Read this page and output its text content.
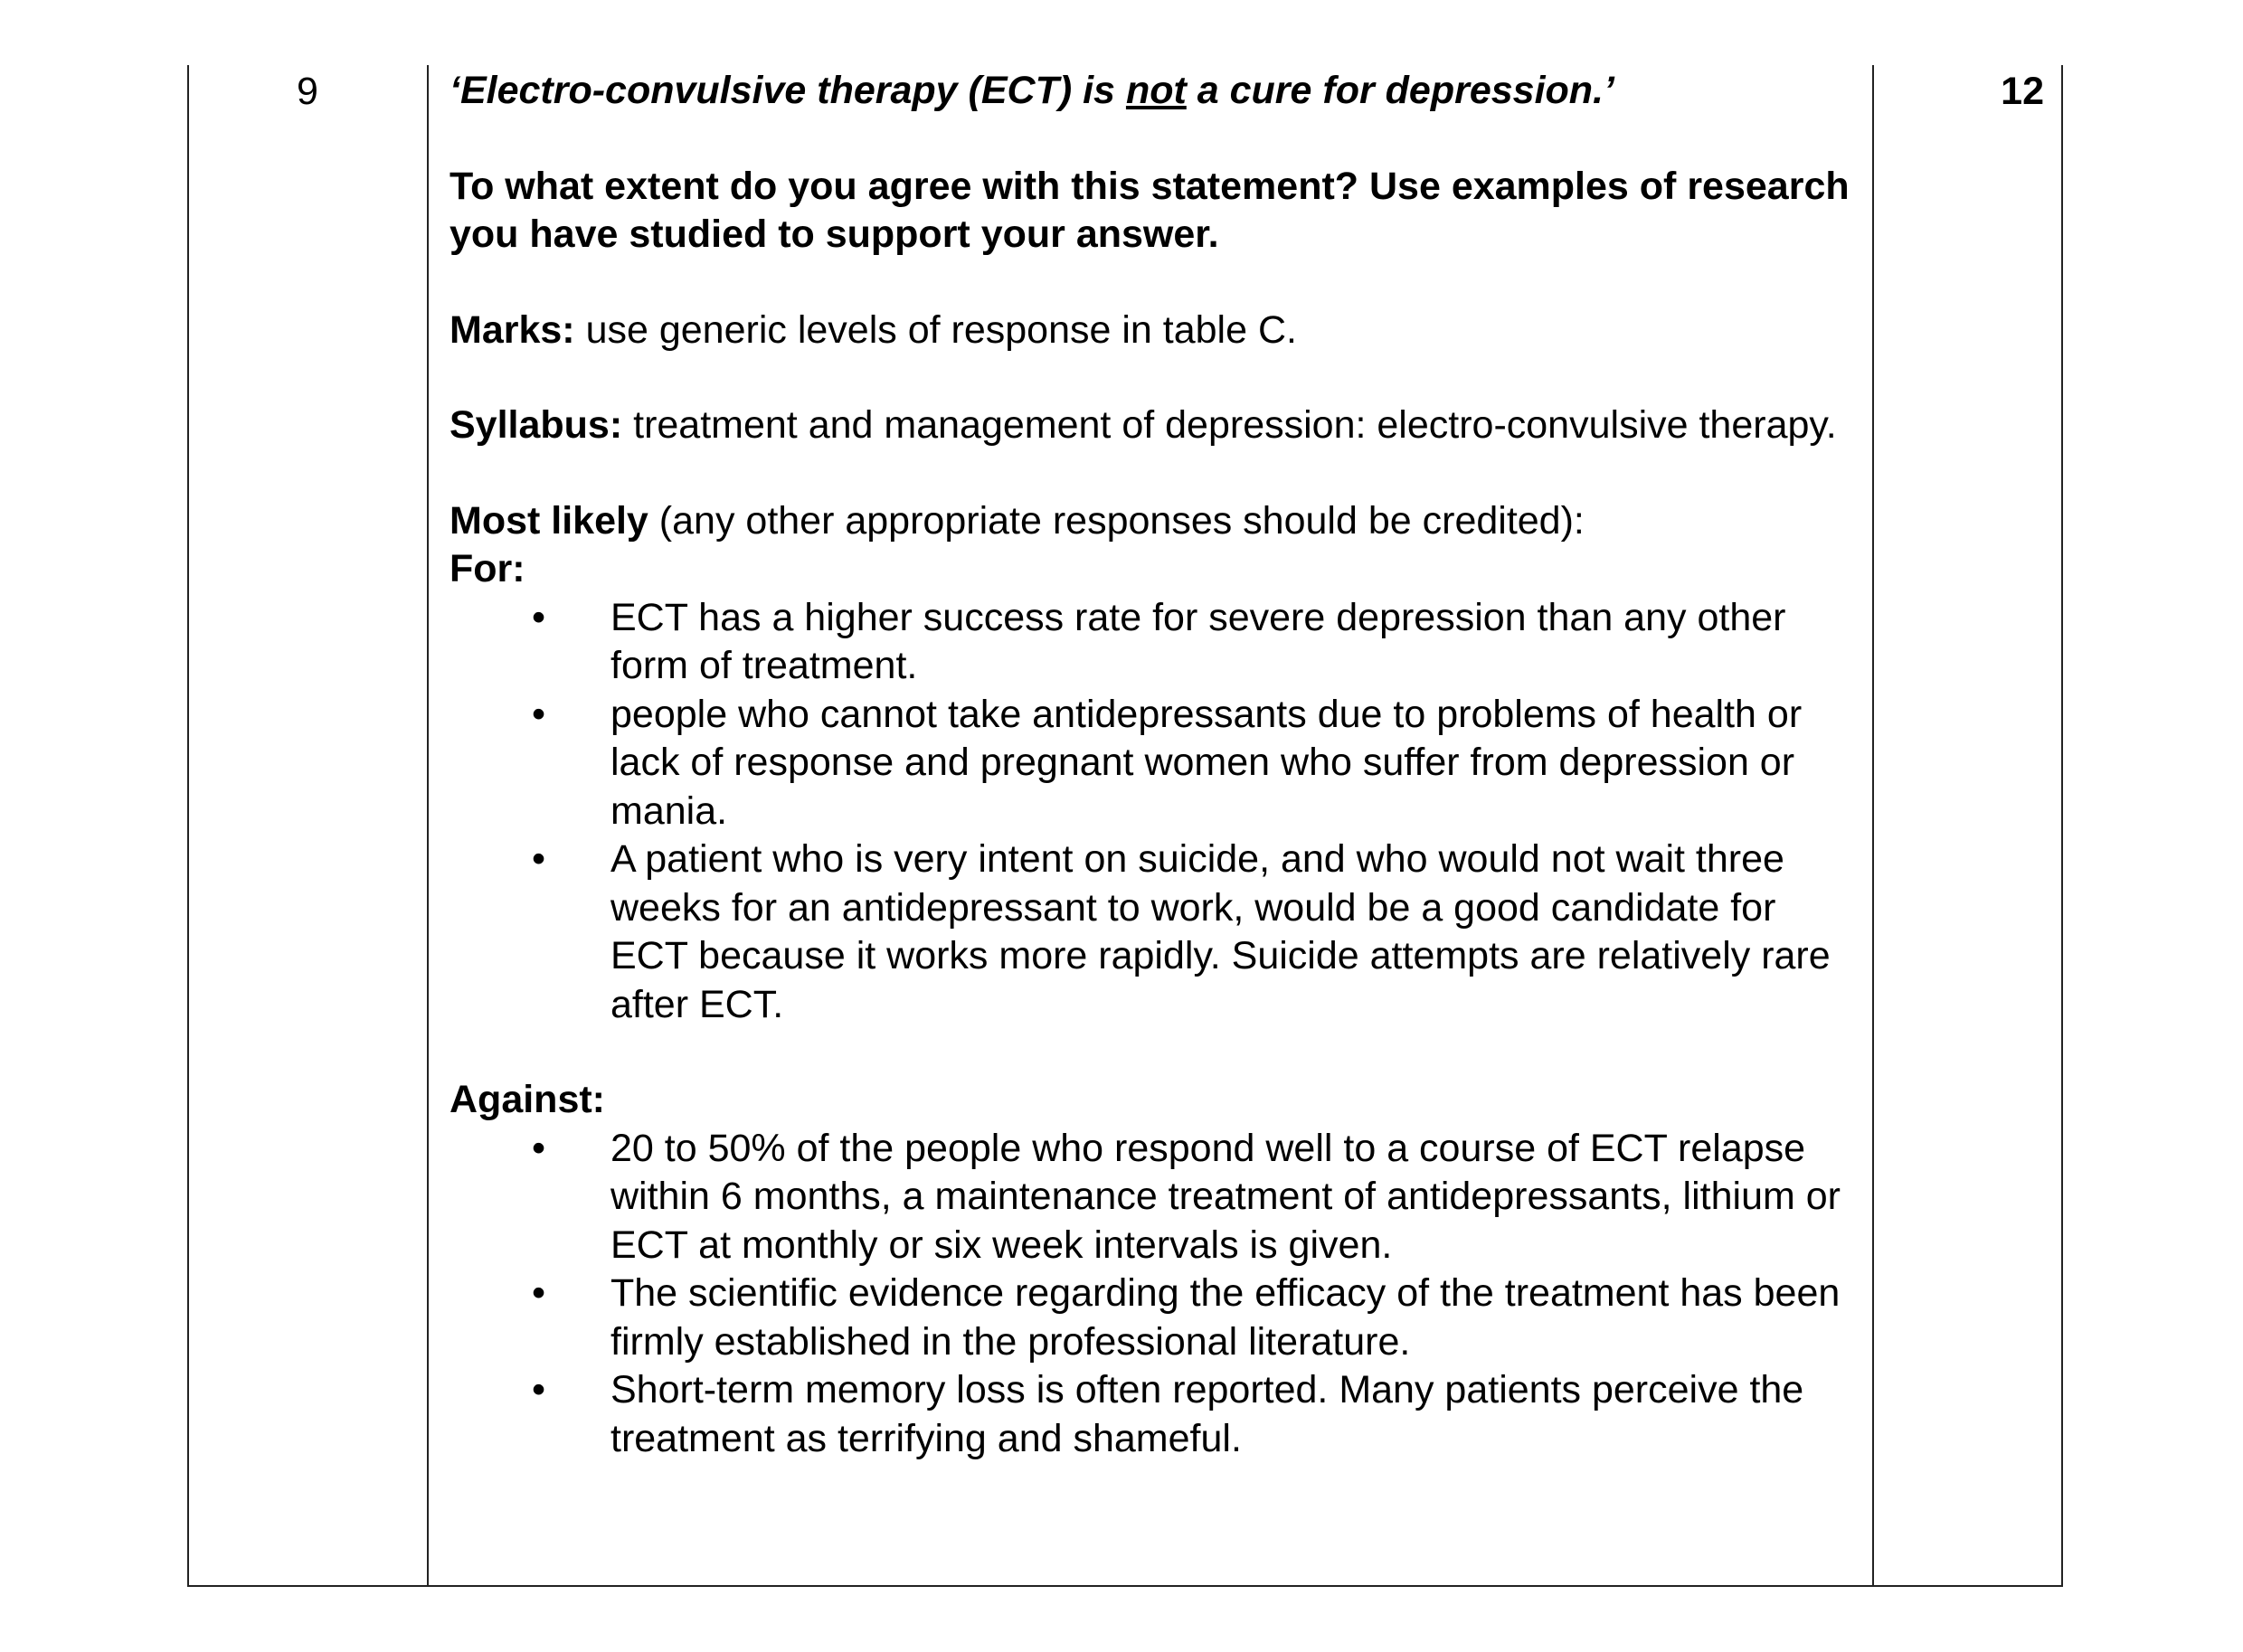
9	12

‘Electro-convulsive therapy (ECT) is not a cure for depression.’

To what extent do you agree with this statement? Use examples of research you have studied to support your answer.

Marks: use generic levels of response in table C.

Syllabus: treatment and management of depression: electro-convulsive therapy.

Most likely (any other appropriate responses should be credited):

For:

• ECT has a higher success rate for severe depression than any other form of treatment.
• people who cannot take antidepressants due to problems of health or lack of response and pregnant women who suffer from depression or mania.
• A patient who is very intent on suicide, and who would not wait three weeks for an antidepressant to work, would be a good candidate for ECT because it works more rapidly. Suicide attempts are relatively rare after ECT.

Against:

• 20 to 50% of the people who respond well to a course of ECT relapse within 6 months, a maintenance treatment of antidepressants, lithium or ECT at monthly or six week intervals is given.
• The scientific evidence regarding the efficacy of the treatment has been firmly established in the professional literature.
• Short-term memory loss is often reported. Many patients perceive the treatment as terrifying and shameful.
